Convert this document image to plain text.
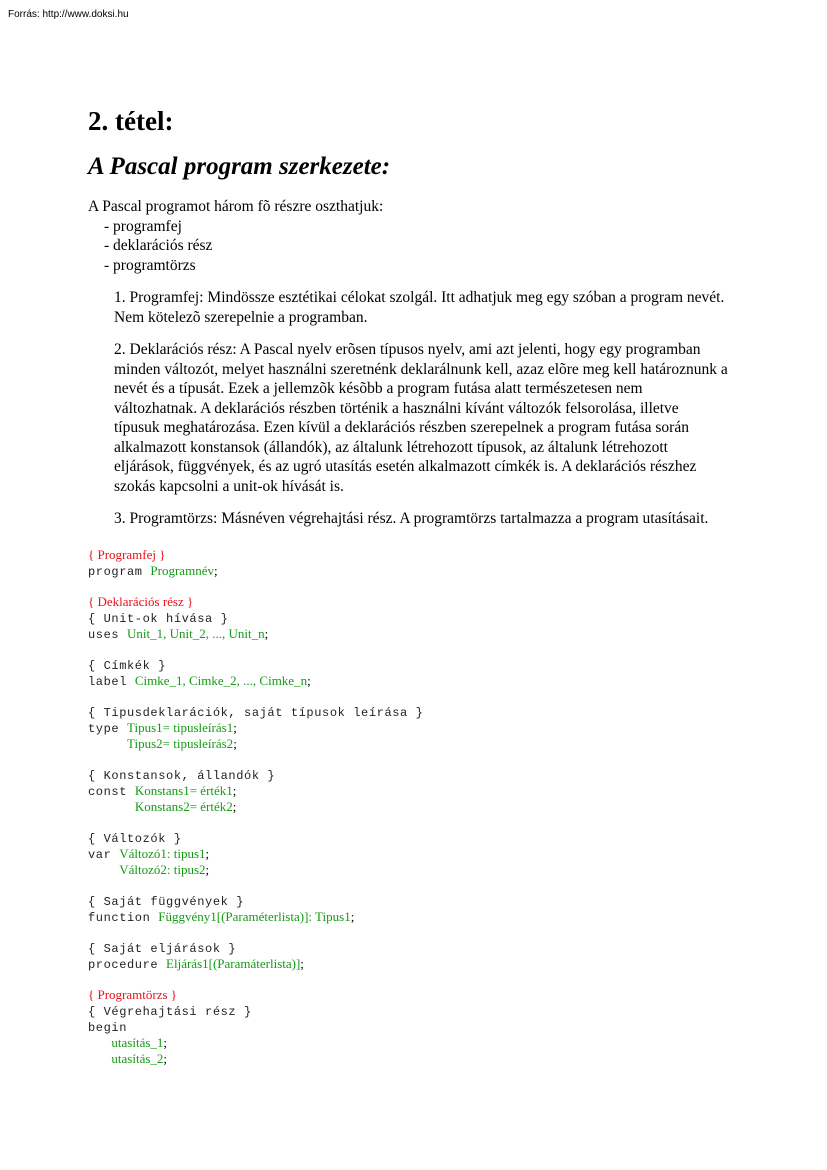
Forrás: http://www.doksi.hu
2. tétel:
A Pascal program szerkezete:
A Pascal programot három fõ részre oszthatjuk:
- programfej
- deklarációs rész
- programtörzs

1. Programfej: Mindössze esztétikai célokat szolgál. Itt adhatjuk meg egy szóban a program nevét. Nem kötelezõ szerepelnie a programban.

2. Deklarációs rész: A Pascal nyelv erõsen típusos nyelv, ami azt jelenti, hogy egy programban minden változót, melyet használni szeretnénk deklarálnunk kell, azaz elõre meg kell határoznunk a nevét és a típusát. Ezek a jellemzõk késõbb a program futása alatt természetesen nem változhatnak. A deklarációs részben történik a használni kívánt változók felsorolása, illetve típusuk meghatározása. Ezen kívül a deklarációs részben szerepelnek a program futása során alkalmazott konstansok (állandók), az általunk létrehozott típusok, az általunk létrehozott eljárások, függvények, és az ugró utasítás esetén alkalmazott címkék is. A deklarációs részhez szokás kapcsolni a unit-ok hívását is.

3. Programtörzs: Másnéven végrehajtási rész. A programtörzs tartalmazza a program utasításait.

{ Programfej }
program Programnév;
{ Deklarációs rész }
{ Unit-ok hívása }
uses Unit_1, Unit_2, ..., Unit_n;
{ Címkék }
label Cimke_1, Cimke_2, ..., Cimke_n;
{ Tipusdeklarációk, saját típusok leírása }
type Tipus1= tipusleírás1;
Tipus2= tipusleírás2;
{ Konstansok, állandók }
const Konstans1= érték1;
Konstans2= érték2;
{ Változók }
var Változó1: tipus1;
Változó2: tipus2;
{ Saját függvények }
function Függvény1[(Paraméterlista)]: Tipus1;
{ Saját eljárások }
procedure Eljárás1[(Paramáterlista)];
{ Programtörzs }
{ Végrehajtási rész }
begin
utasítás_1;
utasítás_2;
